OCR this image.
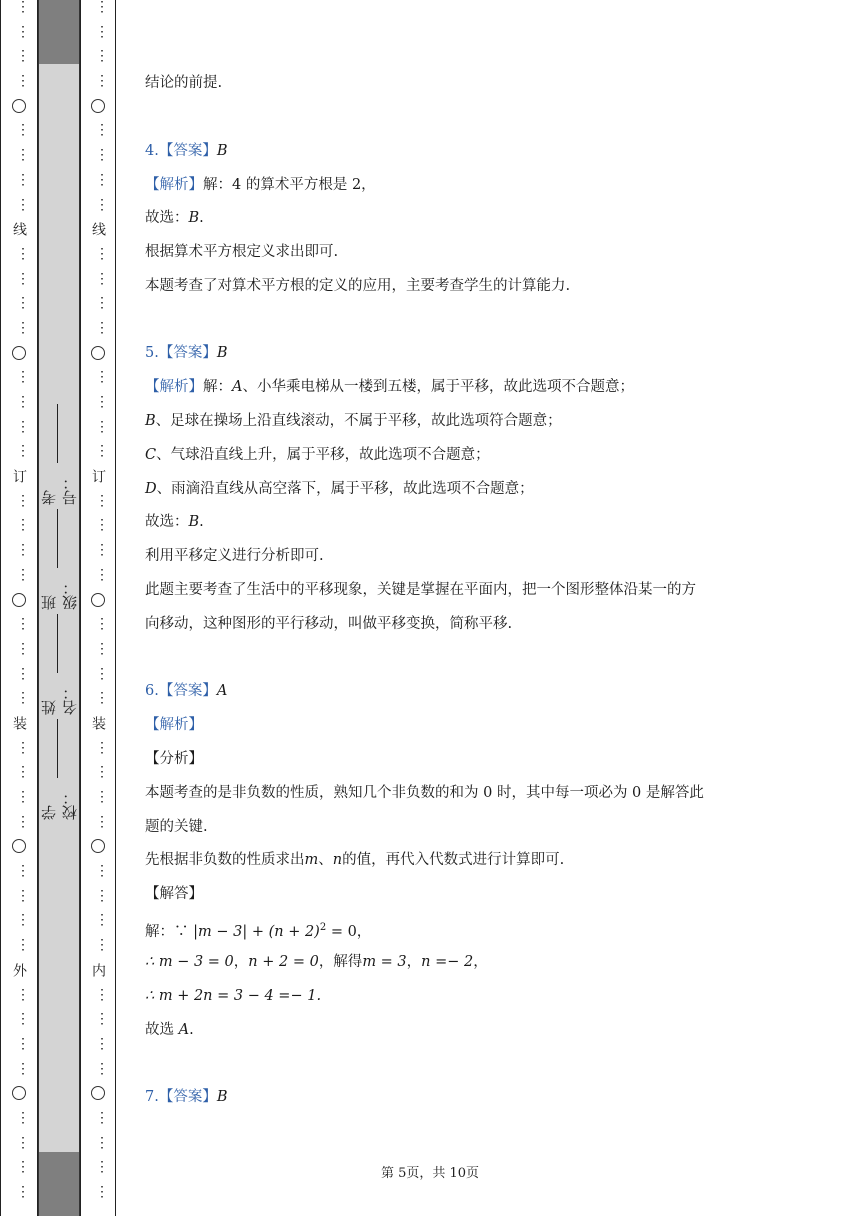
⋮
⋮
⋮
⋮
⋮
⋮
⋮
⋮
线
⋮
⋮
⋮
⋮
⋮
⋮
⋮
⋮
订
⋮
⋮
⋮
⋮
⋮
⋮
⋮
⋮
装
⋮
⋮
⋮
⋮
⋮
⋮
⋮
⋮
外
⋮
⋮
⋮
⋮
⋮
⋮
⋮
⋮
学校：
姓名：
班级：
考号：
⋮
⋮
⋮
⋮
⋮
⋮
⋮
⋮
线
⋮
⋮
⋮
⋮
⋮
⋮
⋮
⋮
订
⋮
⋮
⋮
⋮
⋮
⋮
⋮
⋮
装
⋮
⋮
⋮
⋮
⋮
⋮
⋮
⋮
内
⋮
⋮
⋮
⋮
⋮
⋮
⋮
⋮
结论的前提.
4.【答案】B
【解析】解：4 的算术平方根是 2，
故选：B.
根据算术平方根定义求出即可.
本题考查了对算术平方根的定义的应用，主要考查学生的计算能力.
5.【答案】B
【解析】解：A、小华乘电梯从一楼到五楼，属于平移，故此选项不合题意；
B、足球在操场上沿直线滚动，不属于平移，故此选项符合题意；
C、气球沿直线上升，属于平移，故此选项不合题意；
D、雨滴沿直线从高空落下，属于平移，故此选项不合题意；
故选：B.
利用平移定义进行分析即可.
此题主要考查了生活中的平移现象，关键是掌握在平面内，把一个图形整体沿某一的方
向移动，这种图形的平行移动，叫做平移变换，简称平移.
6.【答案】A
【解析】
【分析】
本题考查的是非负数的性质，熟知几个非负数的和为 0 时，其中每一项必为 0 是解答此
题的关键.
先根据非负数的性质求出m、n的值，再代入代数式进行计算即可.
【解答】
解：∵ $|m - 3| + (n + 2)^2 = 0$，
∴ m − 3 = 0，n + 2 = 0，解得m = 3，n =− 2，
∴ m + 2n = 3 − 4 =− 1.
故选 A.
7.【答案】B
第 5页，共 10页
